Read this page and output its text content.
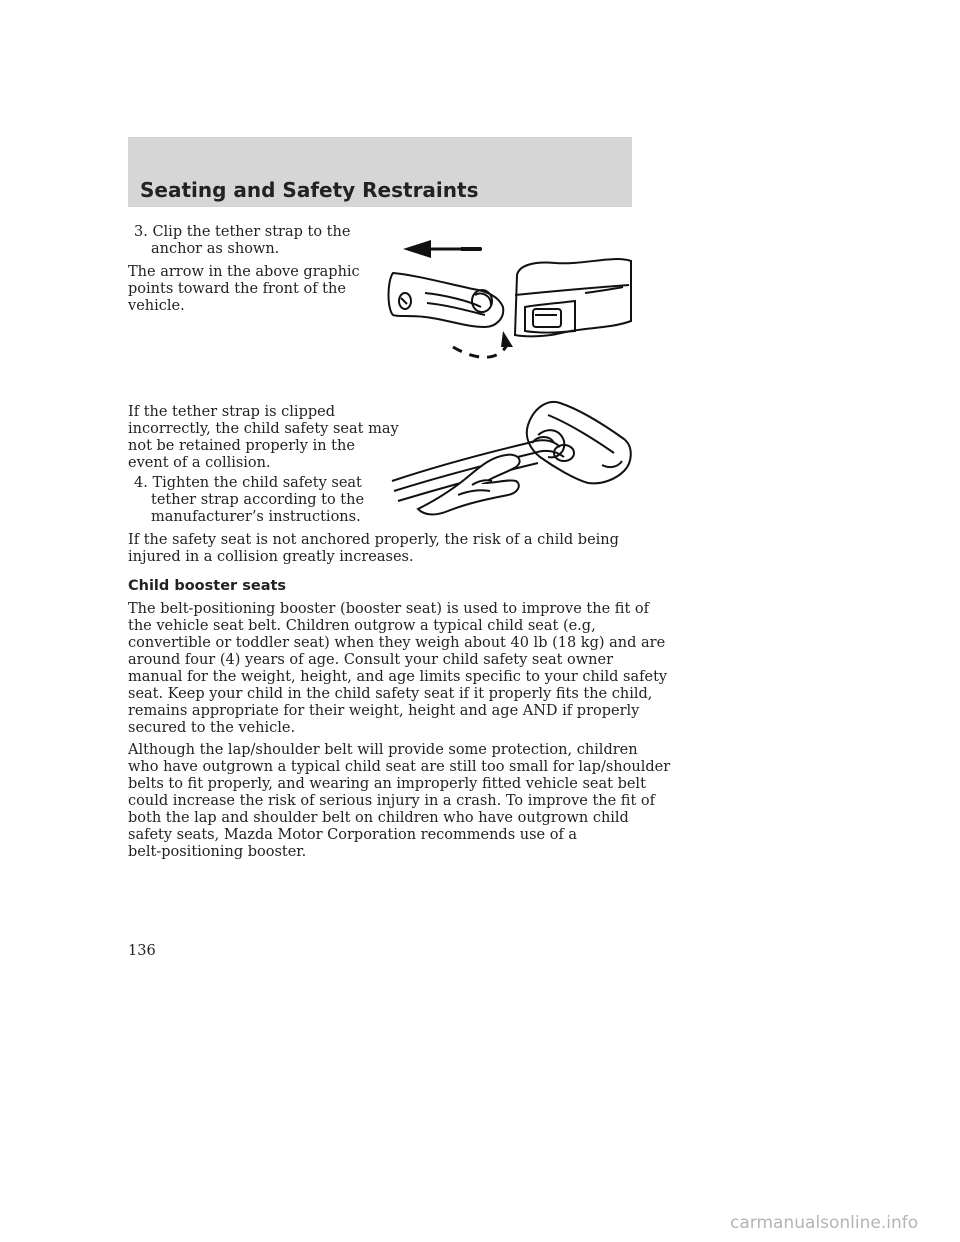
Seating and Safety Restraints
3. Clip the tether strap to the
anchor as shown.
The arrow in the above graphic
points toward the front of the
vehicle.
If the tether strap is clipped
incorrectly, the child safety seat may
not be retained properly in the
event of a collision.
4. Tighten the child safety seat
tether strap according to the
manufacturer’s instructions.
If the safety seat is not anchored properly, the risk of a child being
injured in a collision greatly increases.
Child booster seats
The belt-positioning booster (booster seat) is used to improve the fit of
the vehicle seat belt. Children outgrow a typical child seat (e.g,
convertible or toddler seat) when they weigh about 40 lb (18 kg) and are
around four (4) years of age. Consult your child safety seat owner
manual for the weight, height, and age limits specific to your child safety
seat. Keep your child in the child safety seat if it properly fits the child,
remains appropriate for their weight, height and age AND if properly
secured to the vehicle.
Although the lap/shoulder belt will provide some protection, children
who have outgrown a typical child seat are still too small for lap/shoulder
belts to fit properly, and wearing an improperly fitted vehicle seat belt
could increase the risk of serious injury in a crash. To improve the fit of
both the lap and shoulder belt on children who have outgrown child
safety seats, Mazda Motor Corporation recommends use of a
belt-positioning booster.
136
carmanualsonline.info
